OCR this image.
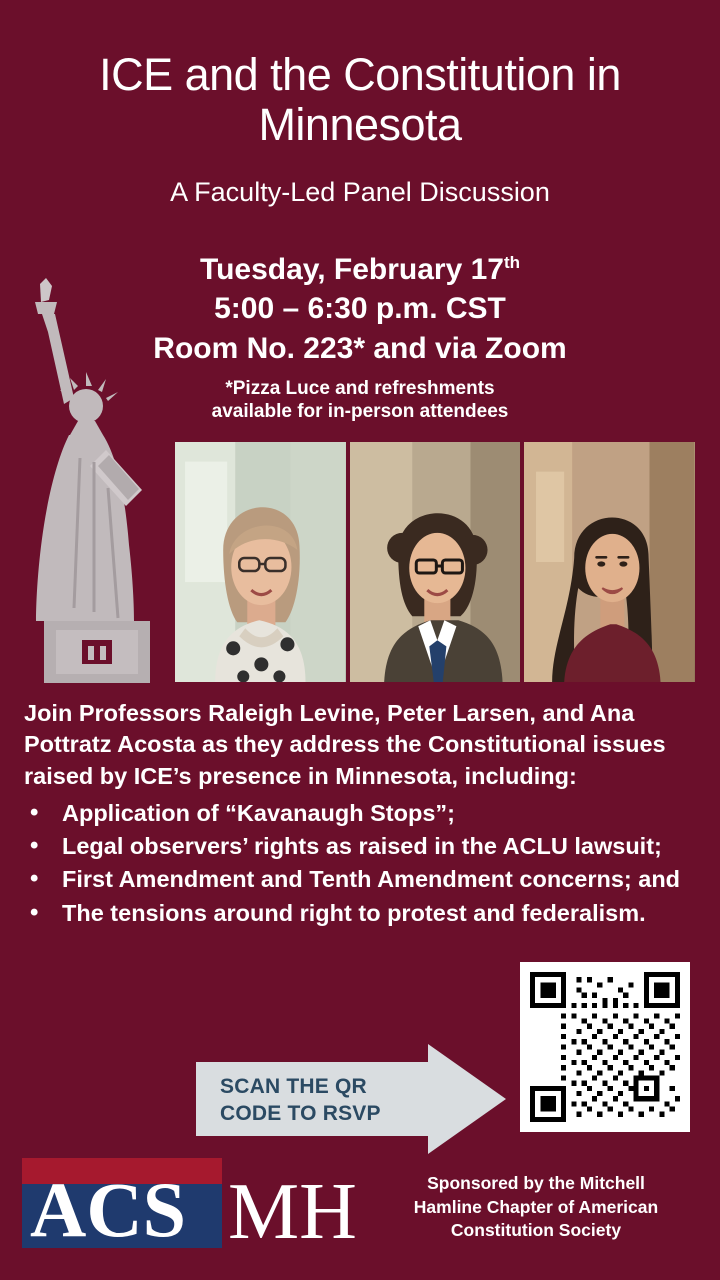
ICE and the Constitution in Minnesota
A Faculty-Led Panel Discussion
Tuesday, February 17th
5:00 – 6:30 p.m. CST
Room No. 223* and via Zoom
*Pizza Luce and refreshments
available for in-person attendees

Join Professors Raleigh Levine, Peter Larsen, and Ana Pottratz Acosta as they address the Constitutional issues raised by ICE’s presence in Minnesota, including:

• Application of “Kavanaugh Stops”;
• Legal observers’ rights as raised in the ACLU lawsuit;
• First Amendment and Tenth Amendment concerns; and
• The tensions around right to protest and federalism.
SCAN THE QR
CODE TO RSVP
ACS MH	Sponsored by the Mitchell
Hamline Chapter of American
Constitution Society
